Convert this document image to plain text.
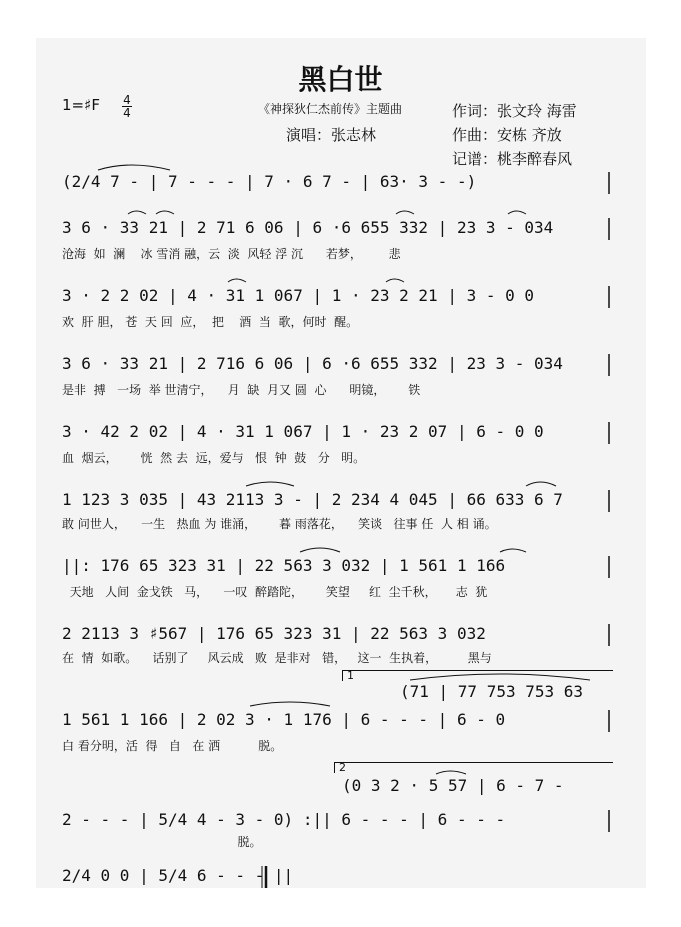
黑白世
1=♯F 4
4	《神探狄仁杰前传》主题曲
演唱：张志林
作词：张文玲 海雷
作曲：安栋 齐放
记谱：桃李醉春风
(2/4 7 - | 7 - - - | 7 · 6 7 - | 63· 3 - -)
3 6 · 33 21 | 2 71 6 06 | 6 ·6 655 332 | 23 3 - 034
沧海  如  澜    冰 雪消 融，云  淡  风轻 浮 沉      若梦，       悲
3 · 2 2 02 | 4 · 31 1 067 | 1 · 23 2 21 | 3 - 0 0
欢  肝 胆， 苍  天 回  应，  把    酒  当  歌，何时  醒。
3 6 · 33 21 | 2 716 6 06 | 6 ·6 655 332 | 23 3 - 034
是非  搏   一场  举 世清宁，    月  缺  月又 圆  心      明镜，      铁
3 · 42 2 02 | 4 · 31 1 067 | 1 · 23 2 07 | 6 - 0 0
血  烟云，      恍  然 去  远，爱与   恨  钟  鼓   分   明。
1 123 3 035 | 43 2113 3 - | 2 234 4 045 | 66 633 6 7
敢 问世人，    一生   热血 为 谁涌，      暮 雨落花，    笑谈   往事 任  人 相 诵。
||: 176 65 323 31 | 22 563 3 032 | 1 561 1 166
天地   人间  金戈铁   马，    一叹  醉踏陀，      笑望     红  尘千秋，     志  犹
2 2113 3 ♯567 | 176 65 323 31 | 22 563 3 032
在  情  如歌。    话别了     风云成   败  是非对   错，   这一  生执着，        黑与
1
(71 | 77 753 753 63
1 561 1 166 | 2 02 3 · 1 176 | 6 - - - | 6 - 0
白 看分明，活  得   自   在 洒          脱。
2
(0 3 2 · 5 57 | 6 - 7 -
2 - - - | 5/4 4 - 3 - 0) :|| 6 - - - | 6 - - -
脱。
2/4 0 0 | 5/4 6 - - - ||
